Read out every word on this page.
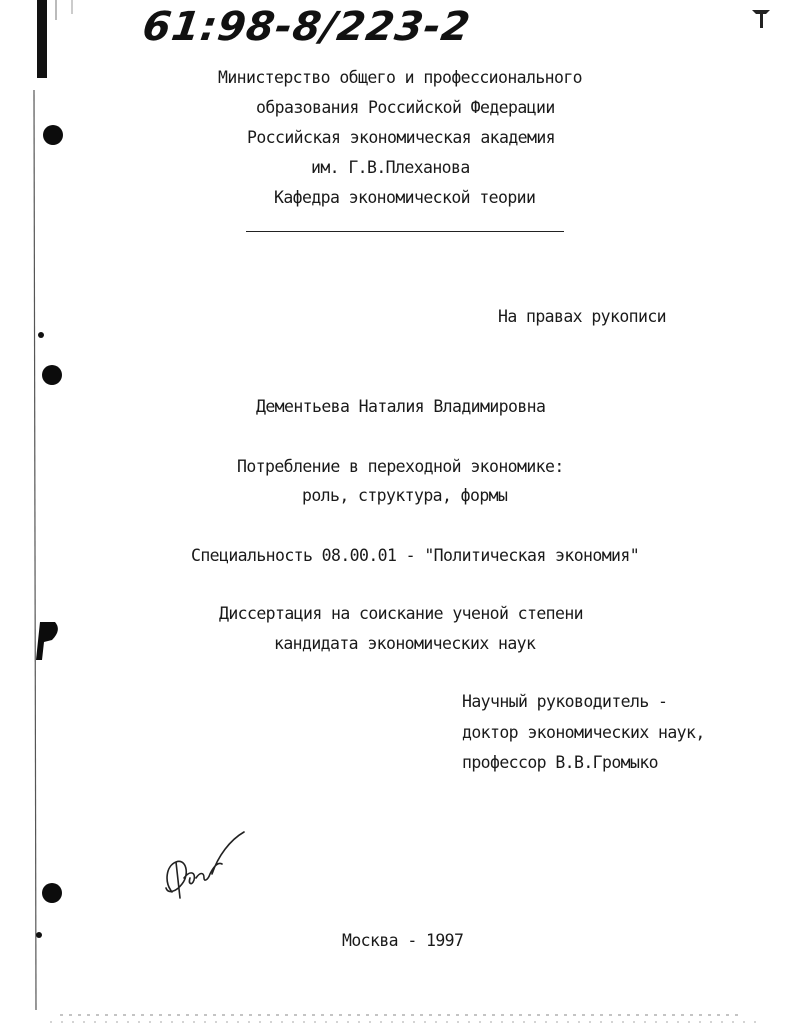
61:98-8/223-2
Министерство общего и профессионального
образования Российской Федерации
Российская экономическая академия
им. Г.В.Плеханова
Кафедра экономической теории
На правах рукописи
Дементьева Наталия Владимировна
Потребление в переходной экономике:
роль, структура, формы
Специальность 08.00.01 - "Политическая экономия"
Диссертация на соискание ученой степени
кандидата экономических наук
Научный руководитель -
доктор экономических наук,
профессор В.В.Громыко
Москва - 1997
